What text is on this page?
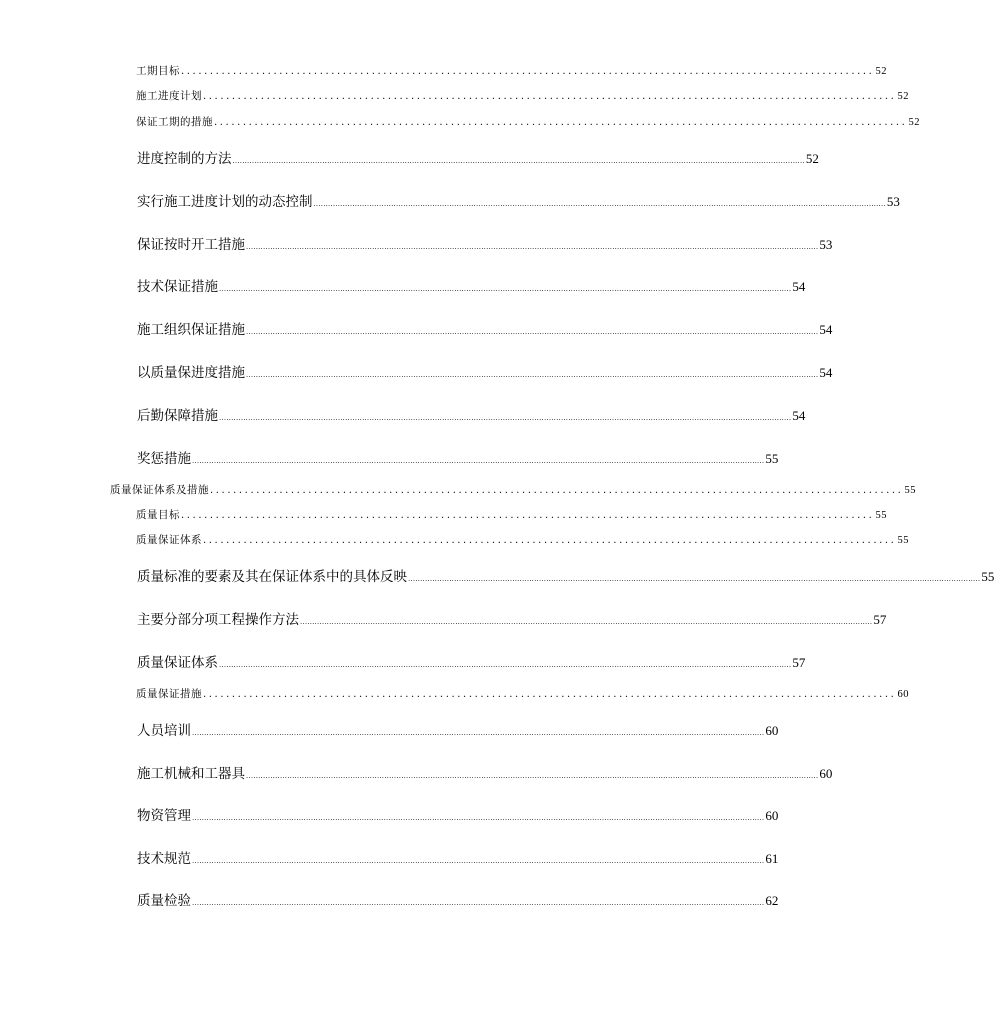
工期目标 ........................................................................................................................ 52
施工进度计划 ........................................................................................................................ 52
保证工期的措施 ........................................................................................................................ 52
进度控制的方法 ............................................................................................................................................................................................................................................ 52
实行施工进度计划的动态控制 ............................................................................................................................................................................................................................................ 53
保证按时开工措施 ............................................................................................................................................................................................................................................ 53
技术保证措施 ............................................................................................................................................................................................................................................ 54
施工组织保证措施 ............................................................................................................................................................................................................................................ 54
以质量保进度措施 ............................................................................................................................................................................................................................................ 54
后勤保障措施 ............................................................................................................................................................................................................................................ 54
奖惩措施 ............................................................................................................................................................................................................................................ 55
质量保证体系及措施 ........................................................................................................................ 55
质量目标 ........................................................................................................................ 55
质量保证体系 ........................................................................................................................ 55
质量标准的要素及其在保证体系中的具体反映 ............................................................................................................................................................................................................................................ 55
主要分部分项工程操作方法 ............................................................................................................................................................................................................................................ 57
质量保证体系 ............................................................................................................................................................................................................................................ 57
质量保证措施 ........................................................................................................................ 60
人员培训 ............................................................................................................................................................................................................................................ 60
施工机械和工器具 ............................................................................................................................................................................................................................................ 60
物资管理 ............................................................................................................................................................................................................................................ 60
技术规范 ............................................................................................................................................................................................................................................ 61
质量检验 ............................................................................................................................................................................................................................................ 62
